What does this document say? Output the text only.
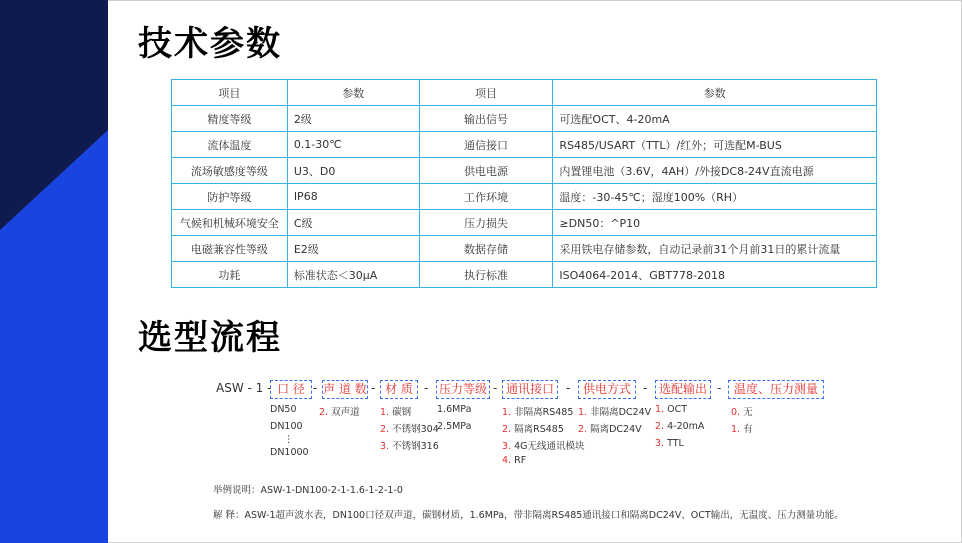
技术参数
项目	参数	项目	参数
精度等级	2级	输出信号	可选配OCT、4-20mA
流体温度	0.1-30℃	通信接口	RS485/USART（TTL）/红外；可选配M-BUS
流场敏感度等级	U3、D0	供电电源	内置锂电池（3.6V，4AH）/外接DC8-24V直流电源
防护等级	IP68	工作环境	温度：-30-45℃；湿度100%（RH）
气候和机械环境安全	C级	压力损失	≥DN50：^P10
电磁兼容性等级	E2级	数据存储	采用铁电存储参数，自动记录前31个月前31日的累计流量
功耗	标准状态＜30μA	执行标准	ISO4064-2014、GBT778-2018
选型流程
ASW - 1 - 口 径 - 声 道 数 - 材 质 - 压力等级 - 通讯接口	-	供电方式	- 选配输出 -	温度、压力测量
DN50
DN100
⋮
DN1000
2. 双声道 1. 碳钢
2. 不锈钢304
3. 不锈钢316
1.6MPa
2.5MPa
1. 非隔离RS485
2. 隔离RS485
3. 4G无线通讯模块
4. RF
1. 非隔离DC24V
2. 隔离DC24V
1. OCT
2. 4-20mA
3. TTL
0. 无
1. 有
举例说明：ASW-1-DN100-2-1-1.6-1-2-1-0
解 释：ASW-1超声波水表，DN100口径双声道，碳钢材质，1.6MPa，带非隔离RS485通讯接口和隔离DC24V、OCT输出，无温度、压力测量功能。
